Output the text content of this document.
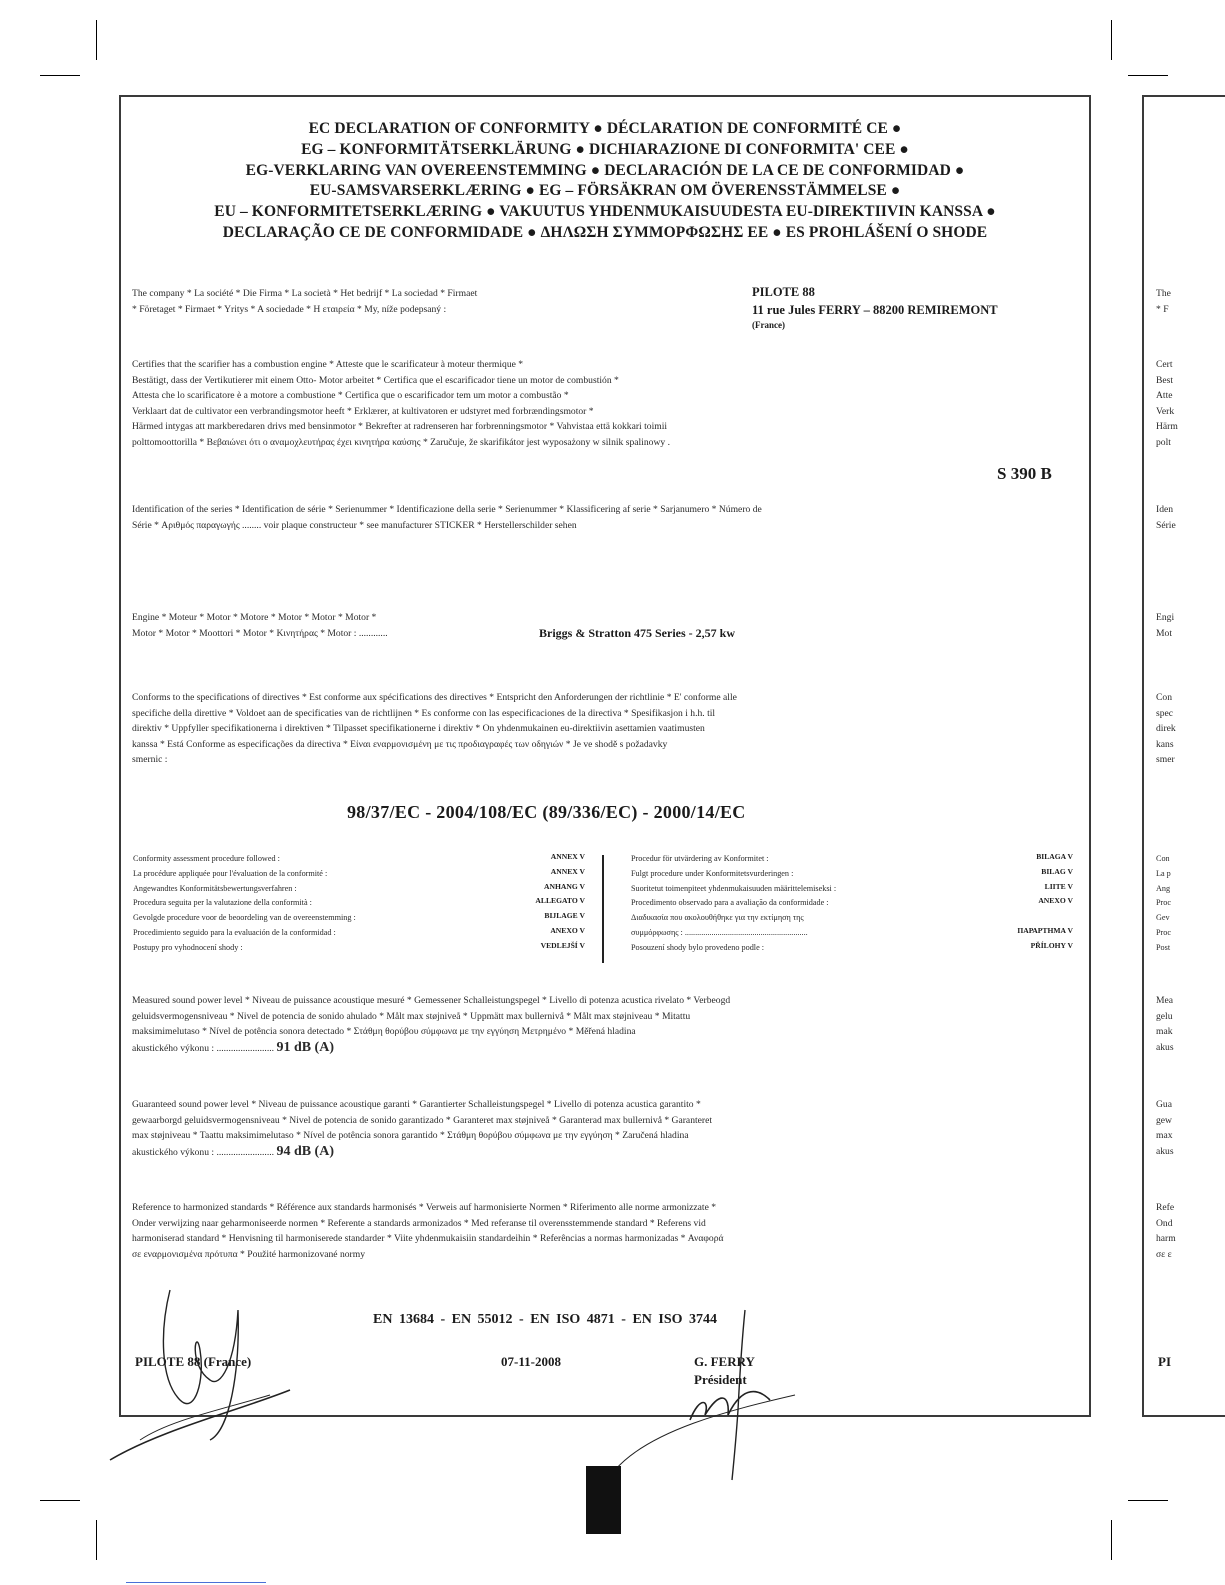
EC DECLARATION OF CONFORMITY ● DÉCLARATION DE CONFORMITÉ CE ●
EG – KONFORMITÄTSERKLÄRUNG ● DICHIARAZIONE DI CONFORMITA' CEE ●
EG-VERKLARING VAN OVEREENSTEMMING ● DECLARACIÓN DE LA CE DE CONFORMIDAD ●
EU-SAMSVARSERKLÆRING ● EG – FÖRSÄKRAN OM ÖVERENSSTÄMMELSE ●
EU – KONFORMITETSERKLÆRING ● VAKUUTUS YHDENMUKAISUUDESTA EU-DIREKTIIVIN KANSSA ●
DECLARAÇÃO CE DE CONFORMIDADE ● ΔΗΛΩΣΗ ΣΥΜΜΟΡΦΩΣΗΣ ΕΕ ● ES PROHLÁŠENÍ O SHODE

The company * La société * Die Firma * La società * Het bedrijf * La sociedad * Firmaet

* Företaget * Firmaet * Yritys * A sociedade * Η εταιρεία * My, níže podepsaný :

PILOTE 88
11 rue Jules FERRY – 88200 REMIREMONT
(France)

Certifies that the scarifier has a combustion engine * Atteste que le scarificateur à moteur thermique *

Bestätigt, dass der Vertikutierer mit einem Otto- Motor arbeitet * Certifica que el escarificador tiene un motor de combustión *

Attesta che lo scarificatore è a motore a combustione * Certifica que o escarificador tem um motor a combustão *

Verklaart dat de cultivator een verbrandingsmotor heeft * Erklærer, at kultivatoren er udstyret med forbrændingsmotor *

Härmed intygas att markberedaren drivs med bensinmotor * Bekrefter at radrenseren har forbrenningsmotor * Vahvistaa että kokkari toimii

polttomoottorilla * Βεβαιώνει ότι ο αναμοχλευτήρας έχει κινητήρα καύσης * Zaručuje, že skarifikátor jest wyposażony w silnik spalinowy .

S 390 B

Identification of the series * Identification de série * Serienummer * Identificazione della serie * Serienummer * Klassificering af serie * Sarjanumero * Número de

Série * Αριθμός παραγωγής ........ voir plaque constructeur * see manufacturer STICKER * Herstellerschilder sehen

Engine * Moteur * Motor * Motore * Motor * Motor * Motor *

Motor * Motor * Moottori * Motor * Κινητήρας * Motor : ............	Briggs & Stratton 475 Series - 2,57 kw

Conforms to the specifications of directives * Est conforme aux spécifications des directives * Entspricht den Anforderungen der richtlinie * E' conforme alle

specifiche della direttive * Voldoet aan de specificaties van de richtlijnen * Es conforme con las especificaciones de la directiva * Spesifikasjon i h.h. til

direktiv * Uppfyller specifikationerna i direktiven * Tilpasset specifikationerne i direktiv * On yhdenmukainen eu-direktiivin asettamien vaatimusten

kanssa * Está Conforme as especificações da directiva * Είναι εναρμονισμένη με τις προδιαγραφές των οδηγιών * Je ve shodě s požadavky

smernic :

98/37/EC - 2004/108/EC (89/336/EC) - 2000/14/EC
Conformity assessment procedure followed :	ANNEX V
La procédure appliquée pour l'évaluation de la conformité :	ANNEX V
Angewandtes Konformitätsbewertungsverfahren :	ANHANG V
Procedura seguita per la valutazione della conformità :	ALLEGATO V
Gevolgde procedure voor de beoordeling van de overeenstemming :	BIJLAGE V
Procedimiento seguido para la evaluación de la conformidad :	ANEXO V
Postupy pro vyhodnocení shody :	VEDLEJŠÍ V
Procedur för utvärdering av Konformitet :	BILAGA V
Fulgt procedure under Konformitetsvurderingen :	BILAG V
Suoritetut toimenpiteet yhdenmukaisuuden määrittelemiseksi :	LIITE V
Procedimento observado para a avaliação da conformidade :	ANEXO V
Διαδικασία που ακολουθήθηκε για την εκτίμηση της
συμμόρφωσης : ............................................................	ΠΑΡΑΡΤΗΜΑ V
Posouzení shody bylo provedeno podle :	PŘÍLOHY V

Measured sound power level * Niveau de puissance acoustique mesuré * Gemessener Schalleistungspegel * Livello di potenza acustica rivelato * Verbeogd

geluidsvermogensniveau * Nivel de potencia de sonido ahulado * Målt max støjniveå * Uppmätt max bullernivå * Målt max støjniveau * Mitattu

maksimimelutaso * Nível de potência sonora detectado * Στάθμη θορύβου σύμφωνα με την εγγύηση Μετρημένο * Měřená hladina

akustického výkonu : ........................ 91 dB (A)

Guaranteed sound power level * Niveau de puissance acoustique garanti * Garantierter Schalleistungspegel * Livello di potenza acustica garantito *

gewaarborgd geluidsvermogensniveau * Nivel de potencia de sonido garantizado * Garanteret max støjniveå * Garanterad max bullernivå * Garanteret

max støjniveau * Taattu maksimimelutaso * Nível de potência sonora garantido * Στάθμη θορύβου σύμφωνα με την εγγύηση * Zaručená hladina

akustického výkonu : ........................ 94 dB (A)

Reference to harmonized standards * Référence aux standards harmonisés * Verweis auf harmonisierte Normen * Riferimento alle norme armonizzate *

Onder verwijzing naar geharmoniseerde normen * Referente a standards armonizados * Med referanse til overensstemmende standard * Referens vid

harmoniserad standard * Henvisning til harmoniserede standarder * Viite yhdenmukaisiin standardeihin * Referências a normas harmonizadas * Αναφορά

σε εναρμονισμένα πρότυπα * Použité harmonizované normy

EN 13684 - EN 55012 - EN ISO 4871 - EN ISO 3744
PILOTE 88 (France)	07-11-2008	G. FERRY
Président

The

* F

Cert

Best

Atte

Verk

Härm

polt

Iden

Série

Engi

Mot

Con

spec

direk

kans

smer

Con

La p

Ang

Proc

Gev

Proc

Post

Mea

gelu

mak

akus

Gua

gew

max

akus

Refe

Ond

harm

σε ε

PI
